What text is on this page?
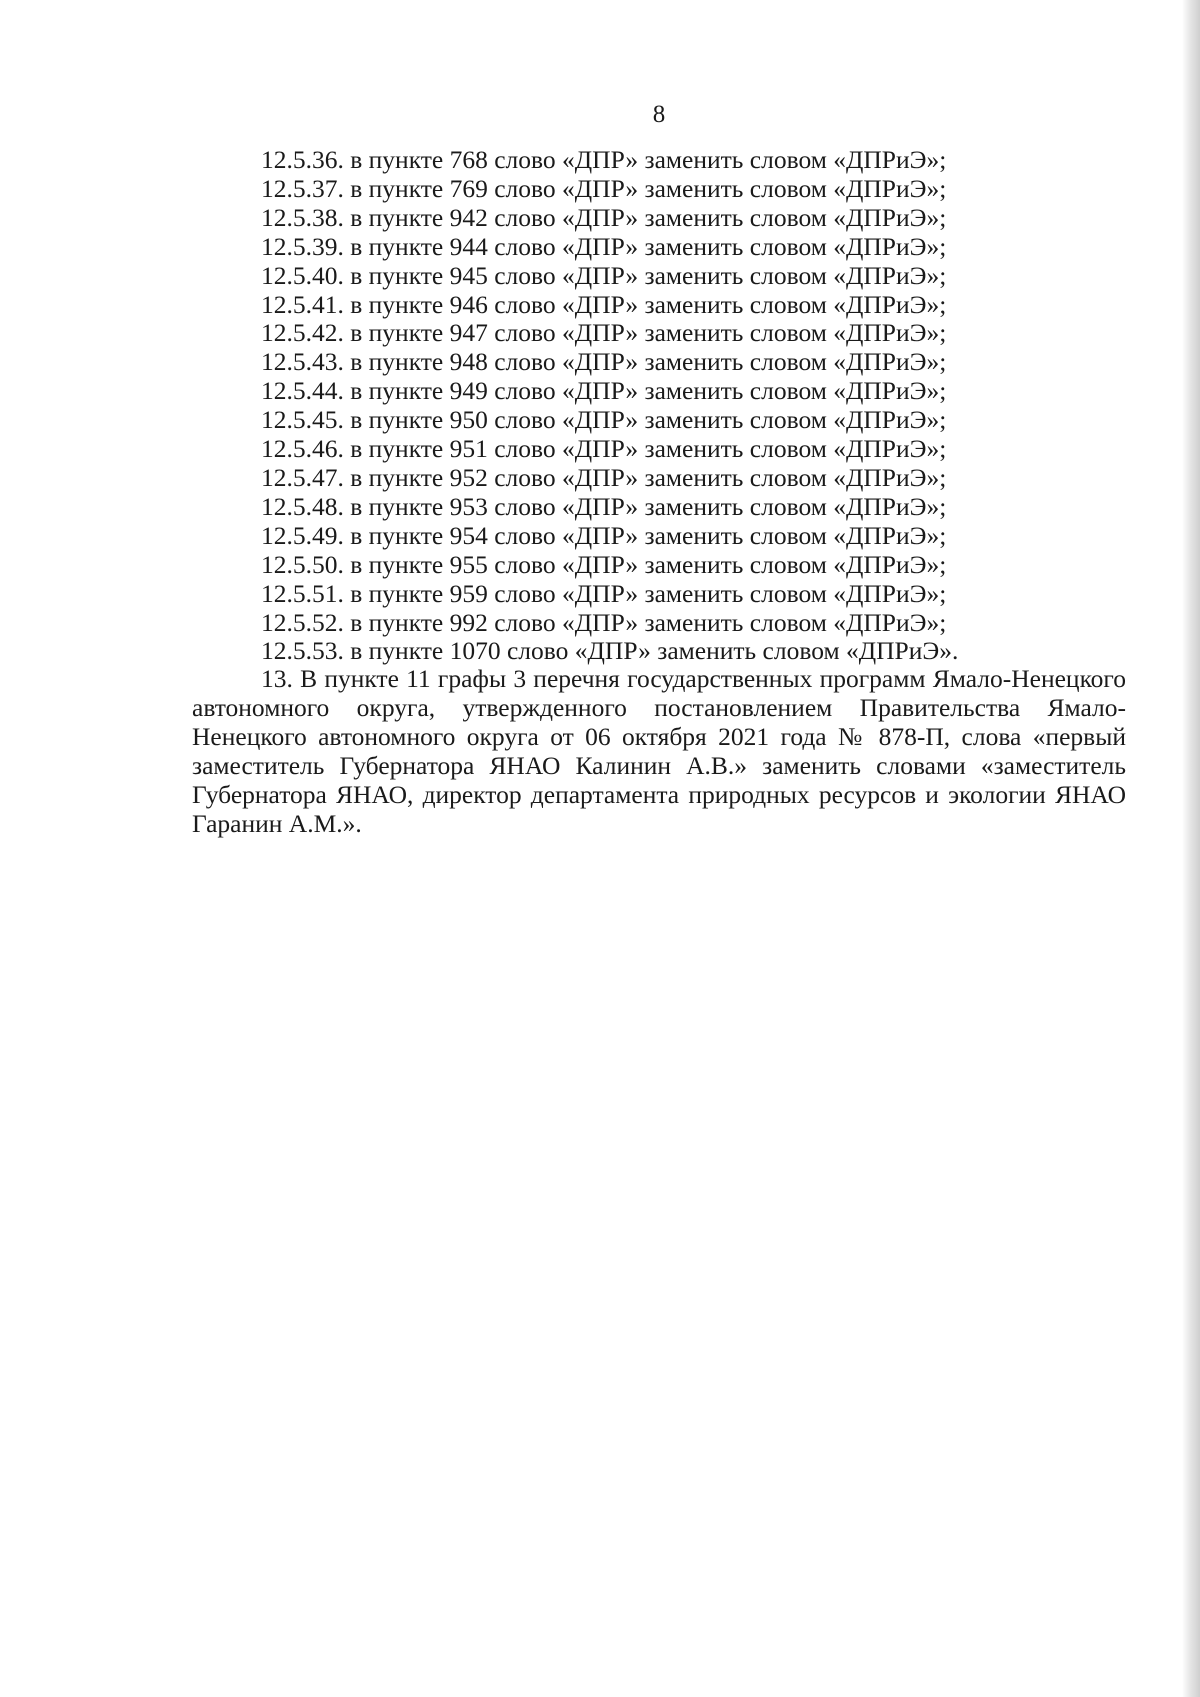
8
12.5.36. в пункте 768 слово «ДПР» заменить словом «ДПРиЭ»;
12.5.37. в пункте 769 слово «ДПР» заменить словом «ДПРиЭ»;
12.5.38. в пункте 942 слово «ДПР» заменить словом «ДПРиЭ»;
12.5.39. в пункте 944 слово «ДПР» заменить словом «ДПРиЭ»;
12.5.40. в пункте 945 слово «ДПР» заменить словом «ДПРиЭ»;
12.5.41. в пункте 946 слово «ДПР» заменить словом «ДПРиЭ»;
12.5.42. в пункте 947 слово «ДПР» заменить словом «ДПРиЭ»;
12.5.43. в пункте 948 слово «ДПР» заменить словом «ДПРиЭ»;
12.5.44. в пункте 949 слово «ДПР» заменить словом «ДПРиЭ»;
12.5.45. в пункте 950 слово «ДПР» заменить словом «ДПРиЭ»;
12.5.46. в пункте 951 слово «ДПР» заменить словом «ДПРиЭ»;
12.5.47. в пункте 952 слово «ДПР» заменить словом «ДПРиЭ»;
12.5.48. в пункте 953 слово «ДПР» заменить словом «ДПРиЭ»;
12.5.49. в пункте 954 слово «ДПР» заменить словом «ДПРиЭ»;
12.5.50. в пункте 955 слово «ДПР» заменить словом «ДПРиЭ»;
12.5.51. в пункте 959 слово «ДПР» заменить словом «ДПРиЭ»;
12.5.52. в пункте 992 слово «ДПР» заменить словом «ДПРиЭ»;
12.5.53. в пункте 1070 слово «ДПР» заменить словом «ДПРиЭ».

13. В пункте 11 графы 3 перечня государственных программ Ямало-Ненецкого автономного округа, утвержденного постановлением Правительства Ямало-Ненецкого автономного округа от 06 октября 2021 года № 878-П, слова «первый заместитель Губернатора ЯНАО Калинин А.В.» заменить словами «заместитель Губернатора ЯНАО, директор департамента природных ресурсов и экологии ЯНАО Гаранин А.М.».
